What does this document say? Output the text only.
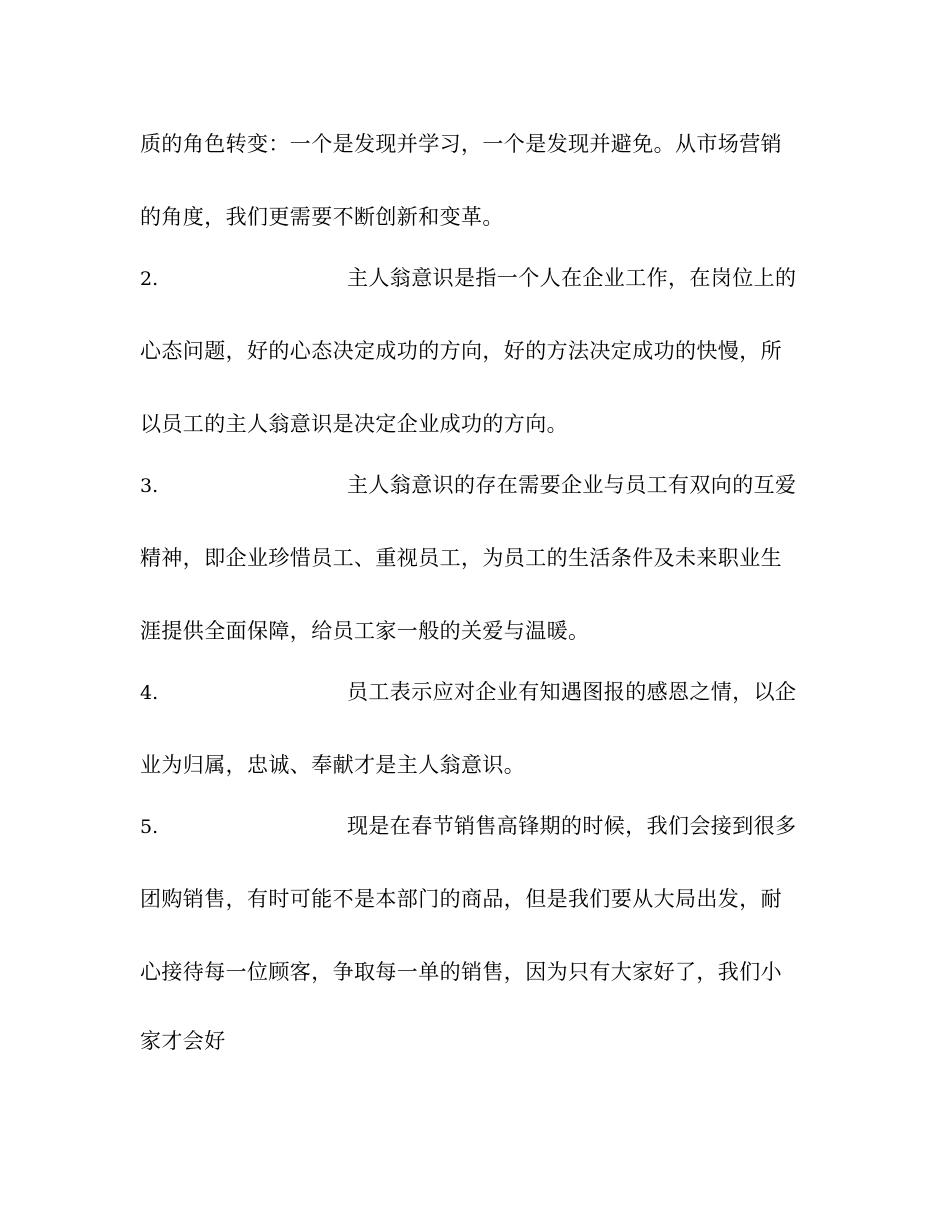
质的角色转变：一个是发现并学习，一个是发现并避免。从市场营销
的角度，我们更需要不断创新和变革。
2.	主人翁意识是指一个人在企业工作，在岗位上的
心态问题，好的心态决定成功的方向，好的方法决定成功的快慢，所
以员工的主人翁意识是决定企业成功的方向。
3.	主人翁意识的存在需要企业与员工有双向的互爱
精神，即企业珍惜员工、重视员工，为员工的生活条件及未来职业生
涯提供全面保障，给员工家一般的关爱与温暖。
4.	员工表示应对企业有知遇图报的感恩之情，以企
业为归属，忠诚、奉献才是主人翁意识。
5.	现是在春节销售高锋期的时候，我们会接到很多
团购销售，有时可能不是本部门的商品，但是我们要从大局出发，耐
心接待每一位顾客，争取每一单的销售，因为只有大家好了，我们小
家才会好
